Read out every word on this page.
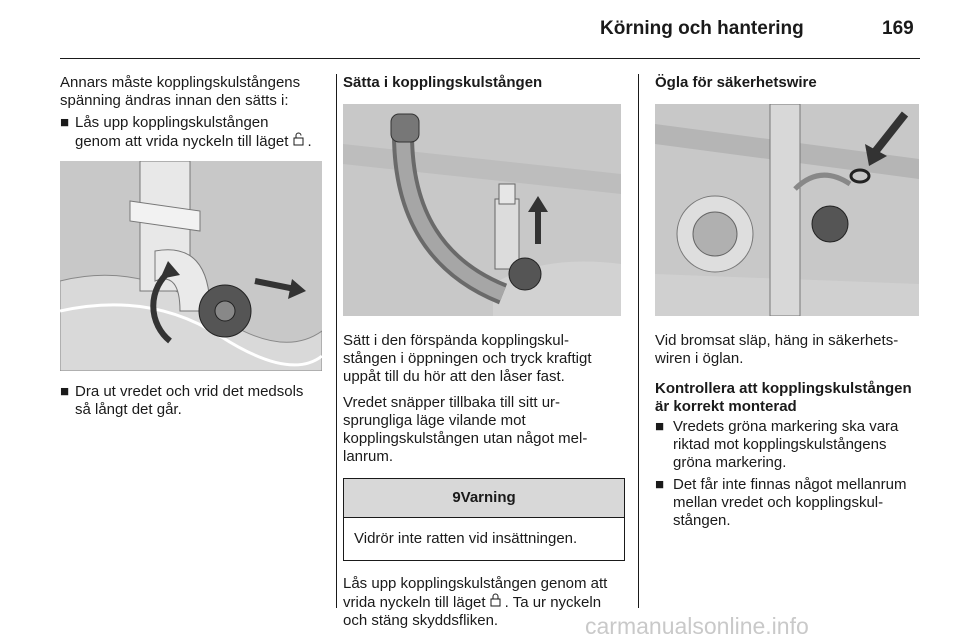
Körning och hantering	169

Annars måste kopplingskulstångens
spänning ändras innan den sätts i:

■ Lås upp kopplingskulstången
genom att vrida nyckeln till läget .
■ Dra ut vredet och vrid det medsols
så långt det går.

Sätta i kopplingskulstången

Sätt i den förspända kopplingskul-
stången i öppningen och tryck kraftigt
uppåt till du hör att den låser fast.

Vredet snäpper tillbaka till sitt ur-
sprungliga läge vilande mot
kopplingskulstången utan något mel-
lanrum.

9Varning
Vidrör inte ratten vid insättningen.

Lås upp kopplingskulstången genom att
vrida nyckeln till läget . Ta ur nyckeln
och stäng skyddsfliken.

Ögla för säkerhetswire

Vid bromsat släp, häng in säkerhets-
wiren i öglan.

Kontrollera att kopplingskulstången
är korrekt monterad

■ Vredets gröna markering ska vara
riktad mot kopplingskulstångens
gröna markering.
■ Det får inte finnas något mellanrum
mellan vredet och kopplingskul-
stången.
carmanualsonline.info
